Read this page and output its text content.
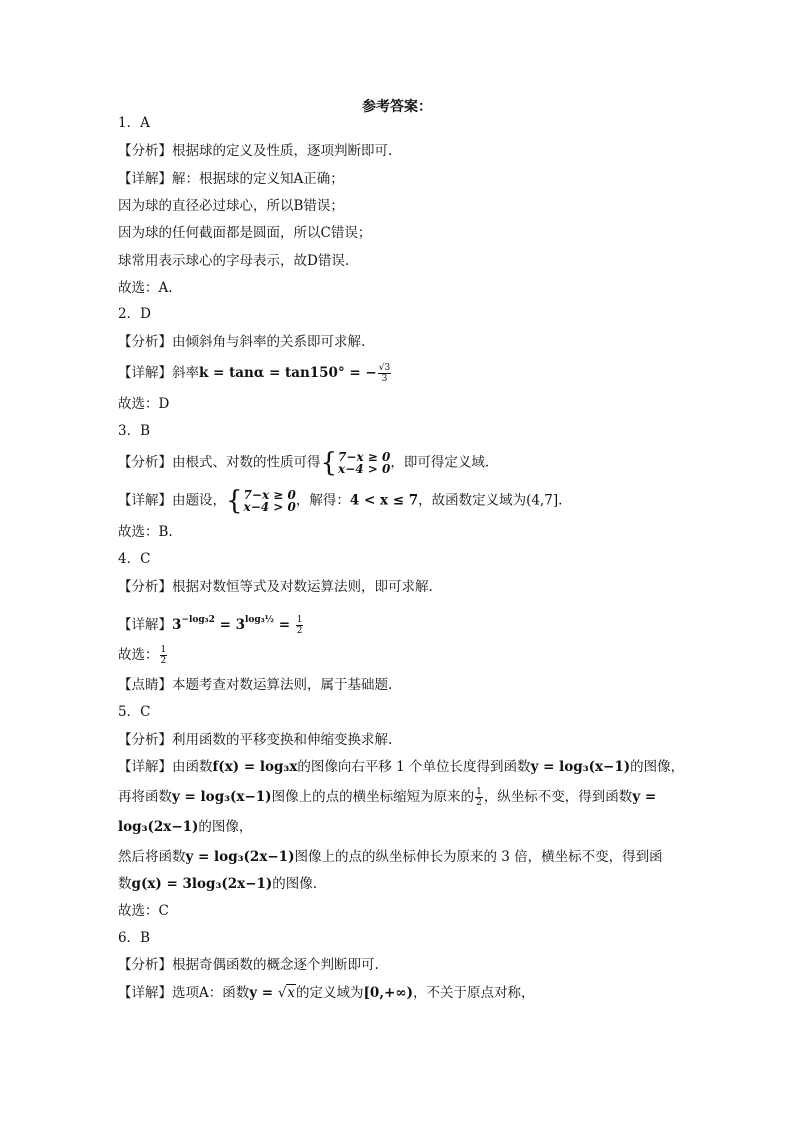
参考答案：
1．A
【分析】根据球的定义及性质，逐项判断即可.
【详解】解：根据球的定义知A正确；
因为球的直径必过球心，所以B错误；
因为球的任何截面都是圆面，所以C错误；
球常用表示球心的字母表示，故D错误.
故选：A.
2．D
【分析】由倾斜角与斜率的关系即可求解.
【详解】斜率k = tanα = tan150° = − $\frac{√3}{3}$
故选：D
3．B
【分析】由根式、对数的性质可得 { 7−x ≥ 0
x−4 > 0 ，即可得定义域.
【详解】由题设， { 7−x ≥ 0
x−4 > 0 ，解得：4 < x ≤ 7，故函数定义域为(4,7].
故选：B.
4．C
【分析】根据对数恒等式及对数运算法则，即可求解.
【详解】$3^{-log_32} = 3^{log_3\frac{1}{2}} = \frac{1}{2}$
故选： $\frac{1}{2}$
【点睛】本题考查对数运算法则，属于基础题.
5．C
【分析】利用函数的平移变换和伸缩变换求解.
【详解】由函数f(x) = log₃x的图像向右平移 1 个单位长度得到函数y = log₃(x−1)的图像，
再将函数y = log₃(x−1)图像上的点的横坐标缩短为原来的 $\frac{1}{2}$ ，纵坐标不变，得到函数y =
log₃(2x−1)的图像，
然后将函数y = log₃(2x−1)图像上的点的纵坐标伸长为原来的 3 倍，横坐标不变，得到函
数g(x) = 3log₃(2x−1)的图像.
故选：C
6．B
【分析】根据奇偶函数的概念逐个判断即可.
【详解】选项A：函数y = √x的定义域为[0,+∞)，不关于原点对称，
